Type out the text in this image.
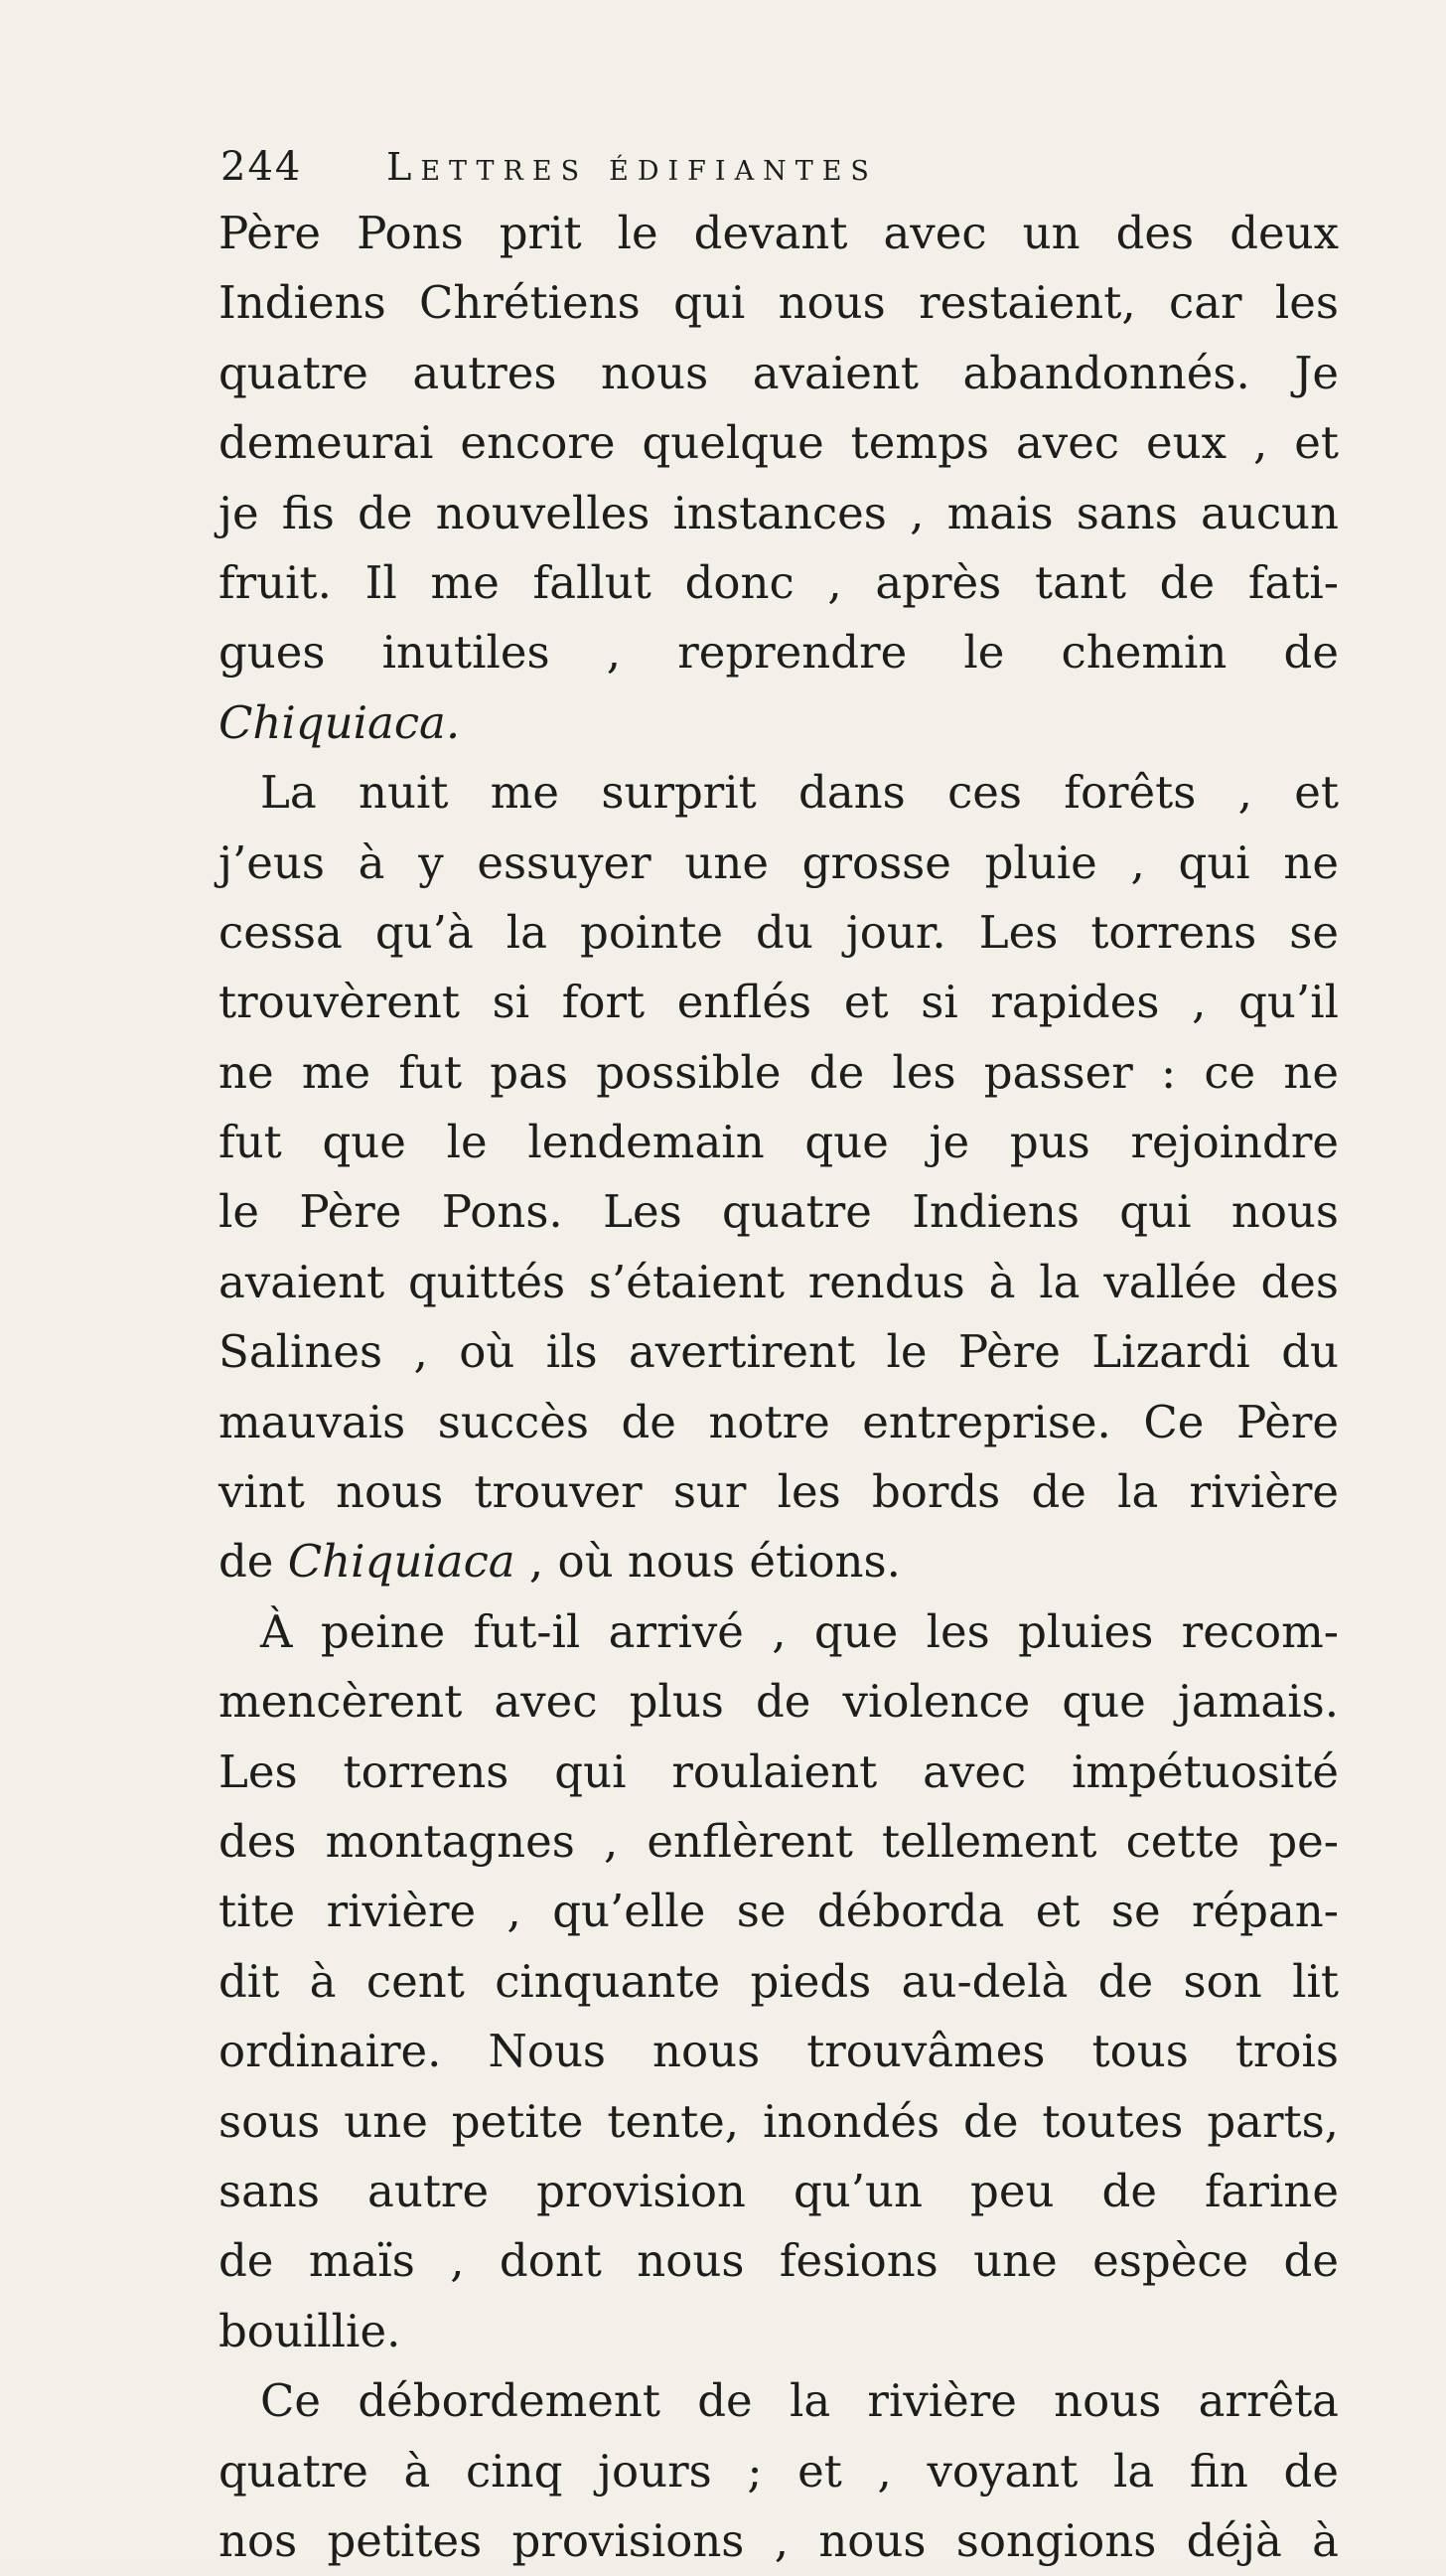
244 Lettres édifiantes
Père Pons prit le devant avec un des deux
Indiens Chrétiens qui nous restaient, car les
quatre autres nous avaient abandonnés. Je
demeurai encore quelque temps avec eux , et
je fis de nouvelles instances , mais sans aucun
fruit. Il me fallut donc , après tant de fati-
gues inutiles , reprendre le chemin de
Chiquiaca.
La nuit me surprit dans ces forêts , et
j’eus à y essuyer une grosse pluie , qui ne
cessa qu’à la pointe du jour. Les torrens se
trouvèrent si fort enflés et si rapides , qu’il
ne me fut pas possible de les passer : ce ne
fut que le lendemain que je pus rejoindre
le Père Pons. Les quatre Indiens qui nous
avaient quittés s’étaient rendus à la vallée des
Salines , où ils avertirent le Père Lizardi du
mauvais succès de notre entreprise. Ce Père
vint nous trouver sur les bords de la rivière
de Chiquiaca , où nous étions.
À peine fut-il arrivé , que les pluies recom-
mencèrent avec plus de violence que jamais.
Les torrens qui roulaient avec impétuosité
des montagnes , enflèrent tellement cette pe-
tite rivière , qu’elle se déborda et se répan-
dit à cent cinquante pieds au-delà de son lit
ordinaire. Nous nous trouvâmes tous trois
sous une petite tente, inondés de toutes parts,
sans autre provision qu’un peu de farine
de maïs , dont nous fesions une espèce de
bouillie.
Ce débordement de la rivière nous arrêta
quatre à cinq jours ; et , voyant la fin de
nos petites provisions , nous songions déjà à
